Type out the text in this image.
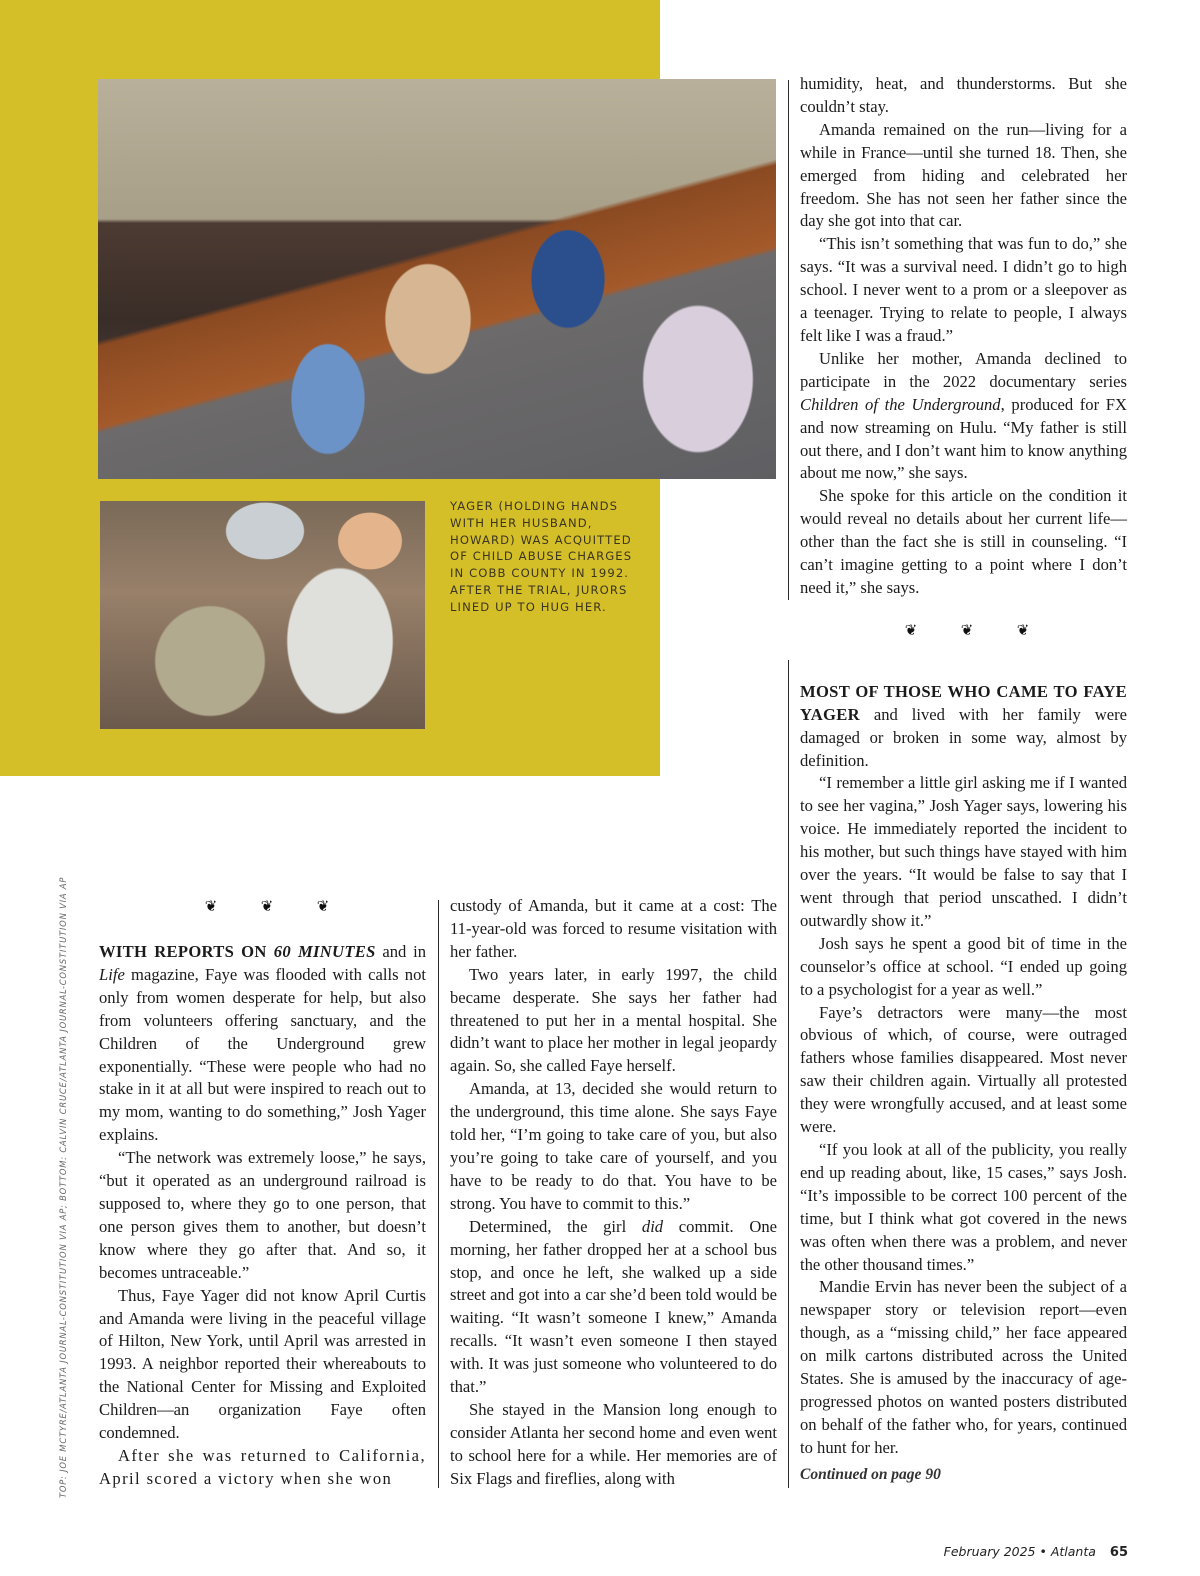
YAGER (HOLDING HANDS WITH HER HUSBAND, HOWARD) WAS ACQUITTED OF CHILD ABUSE CHARGES IN COBB COUNTY IN 1992. AFTER THE TRIAL, JURORS LINED UP TO HUG HER.

TOP: JOE MCTYRE/ATLANTA JOURNAL-CONSTITUTION VIA AP; BOTTOM: CALVIN CRUCE/ATLANTA JOURNAL-CONSTITUTION VIA AP	❦	❦	❦
❦	❦	❦

WITH REPORTS ON 60 MINUTES and in Life magazine, Faye was flooded with calls not only from women desperate for help, but also from volunteers offering sanctuary, and the Children of the Underground grew exponentially. “These were people who had no stake in it at all but were inspired to reach out to my mom, wanting to do something,” Josh Yager explains.

“The network was extremely loose,” he says, “but it operated as an underground railroad is supposed to, where they go to one person, that one person gives them to another, but doesn’t know where they go after that. And so, it becomes untraceable.”

Thus, Faye Yager did not know April Curtis and Amanda were living in the peaceful village of Hilton, New York, until April was arrested in 1993. A neighbor reported their whereabouts to the National Center for Missing and Exploited Children—an organization Faye often condemned.

After she was returned to California, April scored a victory when she won

custody of Amanda, but it came at a cost: The 11-year-old was forced to resume visitation with her father.

Two years later, in early 1997, the child became desperate. She says her father had threatened to put her in a mental hospital. She didn’t want to place her mother in legal jeopardy again. So, she called Faye herself.

Amanda, at 13, decided she would return to the underground, this time alone. She says Faye told her, “I’m going to take care of you, but also you’re going to take care of yourself, and you have to be ready to do that. You have to be strong. You have to commit to this.”

Determined, the girl did commit. One morning, her father dropped her at a school bus stop, and once he left, she walked up a side street and got into a car she’d been told would be waiting. “It wasn’t someone I knew,” Amanda recalls. “It wasn’t even someone I then stayed with. It was just someone who volunteered to do that.”

She stayed in the Mansion long enough to consider Atlanta her second home and even went to school here for a while. Her memories are of Six Flags and fireflies, along with

humidity, heat, and thunderstorms. But she couldn’t stay.

Amanda remained on the run—living for a while in France—until she turned 18. Then, she emerged from hiding and celebrated her freedom. She has not seen her father since the day she got into that car.

“This isn’t something that was fun to do,” she says. “It was a survival need. I didn’t go to high school. I never went to a prom or a sleepover as a teenager. Trying to relate to people, I always felt like I was a fraud.”

Unlike her mother, Amanda declined to participate in the 2022 documentary series Children of the Underground, produced for FX and now streaming on Hulu. “My father is still out there, and I don’t want him to know anything about me now,” she says.

She spoke for this article on the condition it would reveal no details about her current life—other than the fact she is still in counseling. “I can’t imagine getting to a point where I don’t need it,” she says.

MOST OF THOSE WHO CAME TO FAYE YAGER and lived with her family were damaged or broken in some way, almost by definition.

“I remember a little girl asking me if I wanted to see her vagina,” Josh Yager says, lowering his voice. He immediately reported the incident to his mother, but such things have stayed with him over the years. “It would be false to say that I went through that period unscathed. I didn’t outwardly show it.”

Josh says he spent a good bit of time in the counselor’s office at school. “I ended up going to a psychologist for a year as well.”

Faye’s detractors were many—the most obvious of which, of course, were outraged fathers whose families disappeared. Most never saw their children again. Virtually all protested they were wrongfully accused, and at least some were.

“If you look at all of the publicity, you really end up reading about, like, 15 cases,” says Josh. “It’s impossible to be correct 100 percent of the time, but I think what got covered in the news was often when there was a problem, and never the other thousand times.”

Mandie Ervin has never been the subject of a newspaper story or television report—even though, as a “missing child,” her face appeared on milk cartons distributed across the United States. She is amused by the inaccuracy of age-progressed photos on wanted posters distributed on behalf of the father who, for years, continued to hunt for her.

Continued on page 90
February 2025 • Atlanta 65
